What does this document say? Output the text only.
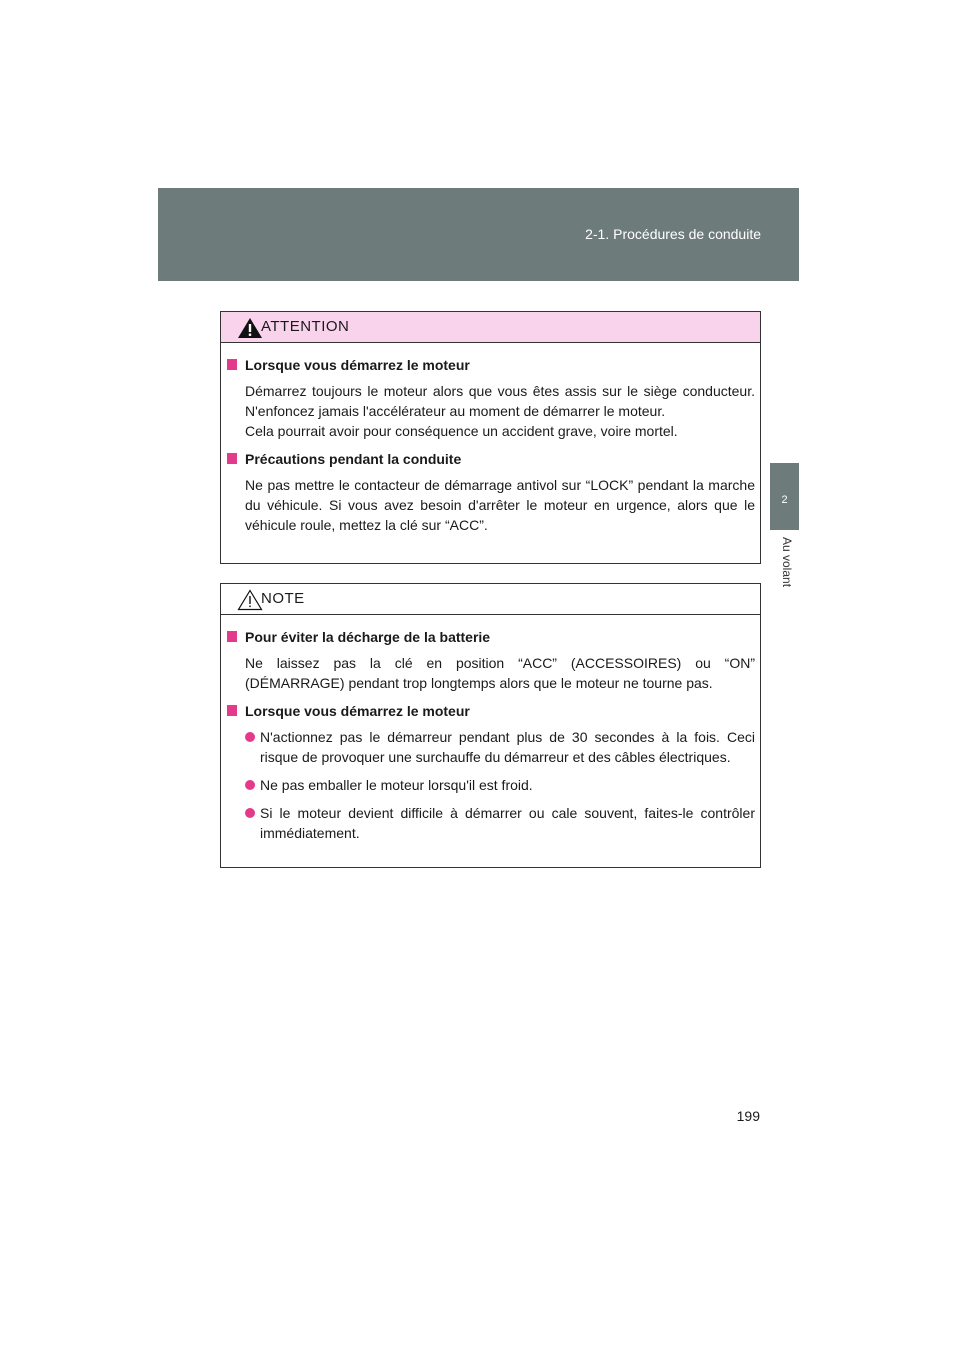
2-1. Procédures de conduite
2
Au volant
ATTENTION
Lorsque vous démarrez le moteur
Démarrez toujours le moteur alors que vous êtes assis sur le siège conducteur. N'enfoncez jamais l'accélérateur au moment de démarrer le moteur.
Cela pourrait avoir pour conséquence un accident grave, voire mortel.
Précautions pendant la conduite
Ne pas mettre le contacteur de démarrage antivol sur “LOCK” pendant la marche du véhicule. Si vous avez besoin d'arrêter le moteur en urgence, alors que le véhicule roule, mettez la clé sur “ACC”.
NOTE
Pour éviter la décharge de la batterie
Ne laissez pas la clé en position “ACC” (ACCESSOIRES) ou “ON” (DÉMARRAGE) pendant trop longtemps alors que le moteur ne tourne pas.
Lorsque vous démarrez le moteur
N'actionnez pas le démarreur pendant plus de 30 secondes à la fois. Ceci risque de provoquer une surchauffe du démarreur et des câbles électriques.
Ne pas emballer le moteur lorsqu'il est froid.
Si le moteur devient difficile à démarrer ou cale souvent, faites-le contrôler immédiatement.
199
